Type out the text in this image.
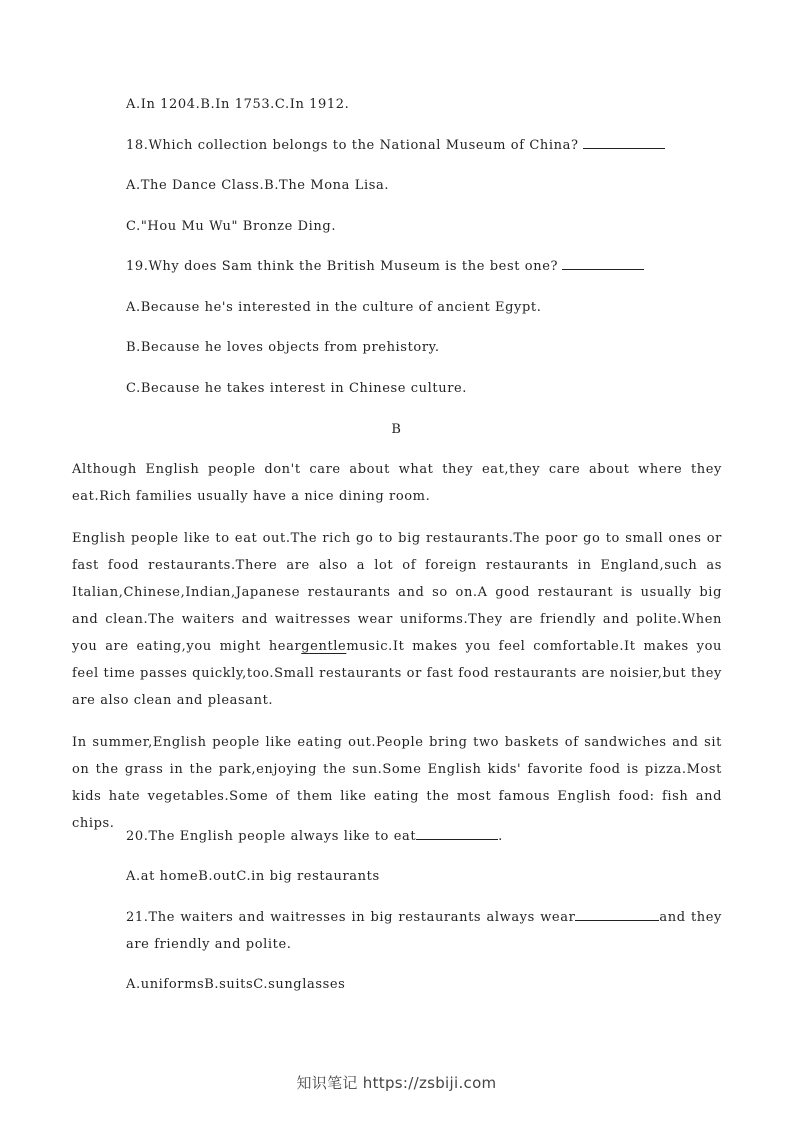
A.In 1204.B.In 1753.C.In 1912.
18.Which collection belongs to the National Museum of China?
A.The Dance Class.B.The Mona Lisa.
C."Hou Mu Wu" Bronze Ding.
19.Why does Sam think the British Museum is the best one?
A.Because he's interested in the culture of ancient Egypt.
B.Because he loves objects from prehistory.
C.Because he takes interest in Chinese culture.
B
Although English people don't care about what they eat,they care about where they eat.Rich families usually have a nice dining room.
English people like to eat out.The rich go to big restaurants.The poor go to small ones or fast food restaurants.There are also a lot of foreign restaurants in England,such as Italian,Chinese,Indian,Japanese restaurants and so on.A good restaurant is usually big and clean.The waiters and waitresses wear uniforms.They are friendly and polite.When you are eating,you might heargentlemusic.It makes you feel comfortable.It makes you feel time passes quickly,too.Small restaurants or fast food restaurants are noisier,but they are also clean and pleasant.
In summer,English people like eating out.People bring two baskets of sandwiches and sit on the grass in the park,enjoying the sun.Some English kids' favorite food is pizza.Most kids hate vegetables.Some of them like eating the most famous English food: fish and chips.
20.The English people always like to eat	.
A.at homeB.outC.in big restaurants
21.The waiters and waitresses in big restaurants always wear	and they are friendly and polite.
A.uniformsB.suitsC.sunglasses
知识笔记 https://zsbiji.com
